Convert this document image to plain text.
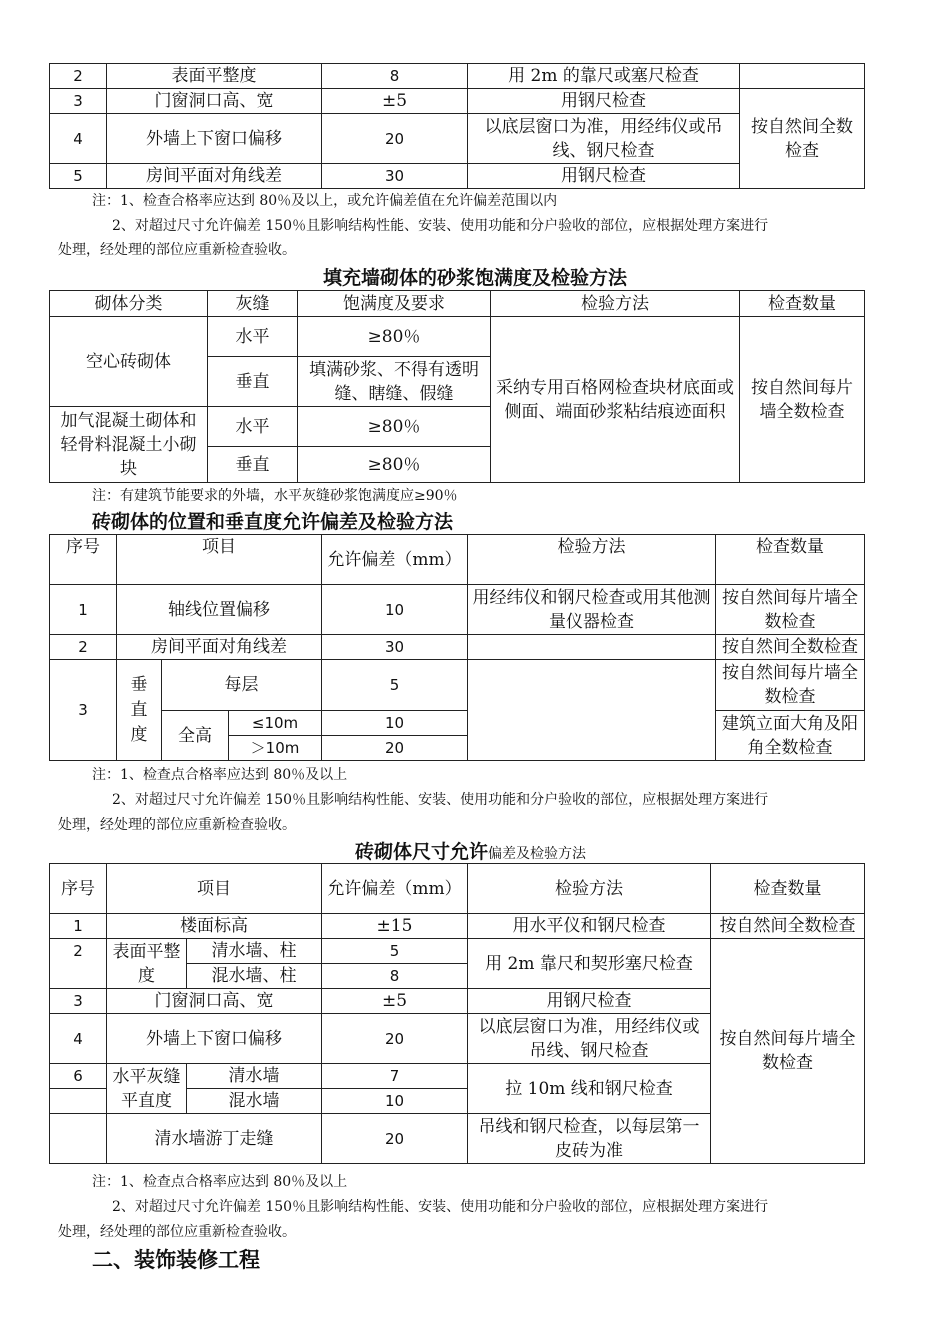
2	表面平整度	8	用 2m 的靠尺或塞尺检查	
3	门窗洞口高、宽	±5	用钢尺检查	按自然间全数检查
4	外墙上下窗口偏移	20	以底层窗口为准，用经纬仪或吊线、钢尺检查	
5	房间平面对角线差	30	用钢尺检查	
注：1、检查合格率应达到 80％及以上，或允许偏差值在允许偏差范围以内
2、对超过尺寸允许偏差 150％且影响结构性能、安装、使用功能和分户验收的部位，应根据处理方案进行
处理，经处理的部位应重新检查验收。
填充墙砌体的砂浆饱满度及检验方法
砌体分类	灰缝	饱满度及要求	检验方法	检查数量
空心砖砌体	水平	≥80％	采纳专用百格网检查块材底面或侧面、端面砂浆粘结痕迹面积	按自然间每片墙全数检查
	垂直	填满砂浆、不得有透明缝、瞎缝、假缝		
加气混凝土砌体和轻骨料混凝土小砌块	水平	≥80％		
	垂直	≥80％		
注：有建筑节能要求的外墙，水平灰缝砂浆饱满度应≥90％
砖砌体的位置和垂直度允许偏差及检验方法
序号	项目			允许偏差（mm）	检验方法	检查数量
1	轴线位置偏移			10	用经纬仪和钢尺检查或用其他测量仪器检查	按自然间每片墙全数检查
2	房间平面对角线差			30		按自然间全数检查
3	垂直度	每层		5		按自然间每片墙全数检查
		全高	≤10m	10		建筑立面大角及阳角全数检查
			＞10m	20		
注：1、检查点合格率应达到 80％及以上
2、对超过尺寸允许偏差 150％且影响结构性能、安装、使用功能和分户验收的部位，应根据处理方案进行
处理，经处理的部位应重新检查验收。
砖砌体尺寸允许偏差及检验方法
序号	项目		允许偏差（mm）	检验方法	检查数量
1	楼面标高		±15	用水平仪和钢尺检查	按自然间全数检查
2	表面平整度	清水墙、柱	5	用 2m 靠尺和契形塞尺检查	按自然间每片墙全数检查
		混水墙、柱	8		
3	门窗洞口高、宽		±5	用钢尺检查	
4	外墙上下窗口偏移		20	以底层窗口为准，用经纬仪或吊线、钢尺检查	
6	水平灰缝平直度	清水墙	7	拉 10m 线和钢尺检查	
		混水墙	10		
	清水墙游丁走缝		20	吊线和钢尺检查，以每层第一皮砖为准	
注：1、检查点合格率应达到 80％及以上
2、对超过尺寸允许偏差 150％且影响结构性能、安装、使用功能和分户验收的部位，应根据处理方案进行
处理，经处理的部位应重新检查验收。
二、装饰装修工程
